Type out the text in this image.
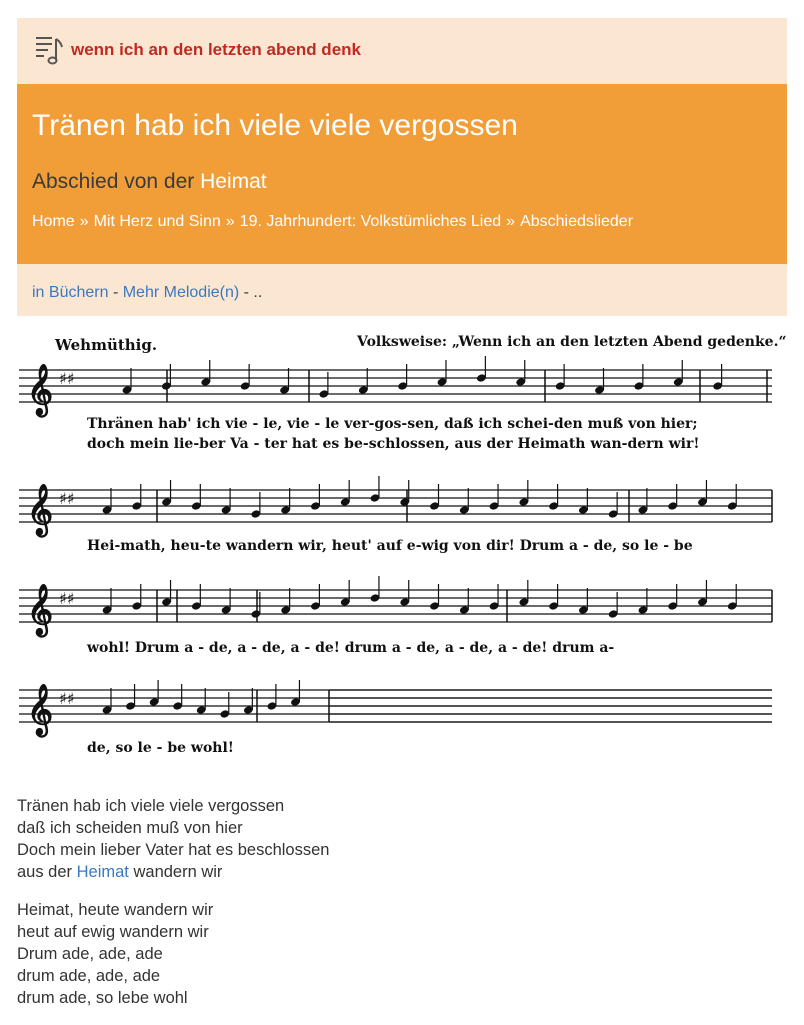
wenn ich an den letzten abend denk
Tränen hab ich viele viele vergossen
Abschied von der Heimat
Home » Mit Herz und Sinn » 19. Jahrhundert: Volkstümliches Lied » Abschiedslieder
in Büchern - Mehr Melodie(n) - ..
Wehmüthig.	Volksweise: „Wenn ich an den letzten Abend gedenke.“
𝄞 ♯♯
𝄞 ♯♯
𝄞 ♯♯
𝄞 ♯♯
Thränen hab' ich vie - le, vie - le ver-gos-sen, daß ich schei-den muß von hier;
doch mein lie-ber Va - ter hat es be-schlossen, aus der Heimath wan-dern wir!
Hei-math, heu-te wandern wir, heut' auf e-wig von dir! Drum a - de, so le - be
wohl! Drum a - de, a - de, a - de! drum a - de, a - de, a - de! drum a-
de, so le - be wohl!
Tränen hab ich viele viele vergossen
daß ich scheiden muß von hier
Doch mein lieber Vater hat es beschlossen
aus der Heimat wandern wir
Heimat, heute wandern wir
heut auf ewig wandern wir
Drum ade, ade, ade
drum ade, ade, ade
drum ade, so lebe wohl
